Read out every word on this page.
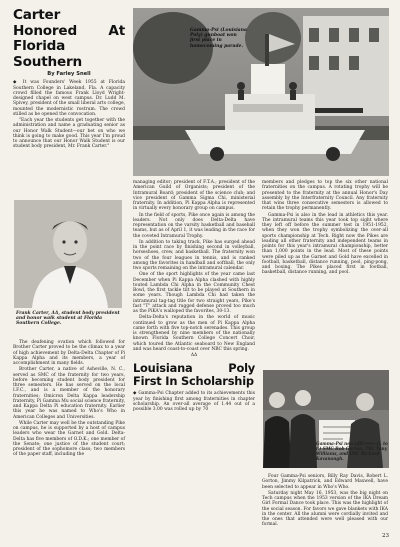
Carter Honored At Florida Southern
By Farley Snell

◆ It was Founders' Week 1955 at Florida Southern College in Lakeland, Fla. A capacity crowd filled the famous Frank Lloyd Wright-designed chapel on west campus. Dr. Ludd M. Spivey, president of the small liberal arts college, mounted the modernistic rostrum. The crowd stilled as he opened the convocation.

"Each year the students get together with the administration and name a graduating senior as our Honor Walk Student—our bet on who we think is going to make good. This year I'm proud to announce that our Honor Walk Student is our student body president, Mr. Frank Carter."

Frank Carter, ΔΔ, student body president and honor walk student at Florida Southern College.

The deafening ovation which followed for Brother Carter proved to be the climax to a year of high achievement by Delta-Delta Chapter of Pi Kappa Alpha and its members, a year of accomplishment in many fields.

Brother Carter, a native of Asheville, N. C., served as SMC of the fraternity for two years, before becoming student body president for three semesters. He has served on the local I.F.C., and is a member of the honorary fraternities; Omicron Delta Kappa leadership fraternity, Pi Gamma Mu social science fraternity, and Kappa Delta Pi education fraternity. Earlier this year he was named to Who's Who in American Colleges and Universities.

While Carter may well be the outstanding Pike on campus, he is supported by a host of campus leaders who wear the Garnet and Gold. Delta-Delta has five members of O.D.K.; one member of the Senate; one justice of the student court; president of the sophomore class; two members of the paper staff, including the

managing editor; president of F.T.A.; president of the American Guild of Organists; president of the Intramural Board; president of the science club; and vice president of Gamma Sigma Chi, ministerial fraternity. In addition, Pi Kappa Alpha is represented in virtually every honorary group on campus.

In the field of sports, Pike once again is among the leaders. Not only does Delta-Delta have representation on the varsity basketball and baseball teams, but as of April 1, it was leading in the race for the coveted Intramural Trophy.

In addition to taking track, Pike has surged ahead in the point race by finishing second in volleyball, horseshoes, crew, and basketball. The fraternity won two of the four leagues in tennis, and is ranked among the favorites in handball and softball, the only two sports remaining on the intramural calendar.

One of the sport highlights of the year came last December when Pi Kappa Alpha clashed with highly touted Lambda Chi Alpha in the Community Chest Bowl, the first tackle tilt to be played at Southern in some years. Though Lambda Chi had taken the intramural tag-tag title for two straight years, Pike's fast "T" attack and rugged defense proved too much as the PiKA's walloped the favorites, 30-13.

Delta-Delta's reputation in the world of music continued to grow as the men of Pi Kappa Alpha came forth with five top-notch serenades. This group is strengthened by nine members of the nationally known Florida Southern College Concert Choir, which toured the Atlantic seaboard to New England and was heard coast-to-coast over NBC this spring.

ΔΔ
Louisiana Poly First In Scholarship

◆ Gamma-Psi Chapter added to its achievements this year by finishing first among fraternities in chapter scholarship. An over-all average of 1.44 out of a possible 3.00 was rolled up by 70

Gamma-Psi (Louisiana Poly) gunboat won first place in homecoming parade.

members and pledges to top the six other national fraternities on the campus. A rotating trophy will be presented to the fraternity at the annual Honor's Day assembly by the Interfraternity Council. Any fraternity that wins three consecutive semesters is allowed to retain the trophy permanently.

Gamma-Psi is also in the lead in athletics this year. The intramural teams this year took top sight where they left off before the summer test in 1951-1952, when they won the trophy symbolizing the over-all sports championship at Tech. Right now the Pikes are leading all other fraternity and independent teams in points for this year's intramural championship, better than 1,000 points in the lead. Most of these points were piled up as the Garnet and Gold have excelled in football, basketball, distance running, pool, ping-pong, and boxing. The Pikes placed first in football, basketball, distance running, and pool.

Gamma-Psi new officers—(L to r.) SMC Bob Gorton, ThC Tony Williams, and IMC Richard Kavanaugh.

Four Gamma-Psi seniors, Billy Ray Davis, Robert L. Gorton, Jimmy Kilpatrick, and Edward Maxwell, have been selected to appear in Who's Who.

Saturday night May 16, 1953, was the big night on Tech campus when the 1953 version of the IKA Dream Girl Formal Dance took place. This was the highlight of the social season. For favors we gave blankets with IKA in the center. All the alumni were cordially invited and the ones that attended were well pleased with our formal.

23
